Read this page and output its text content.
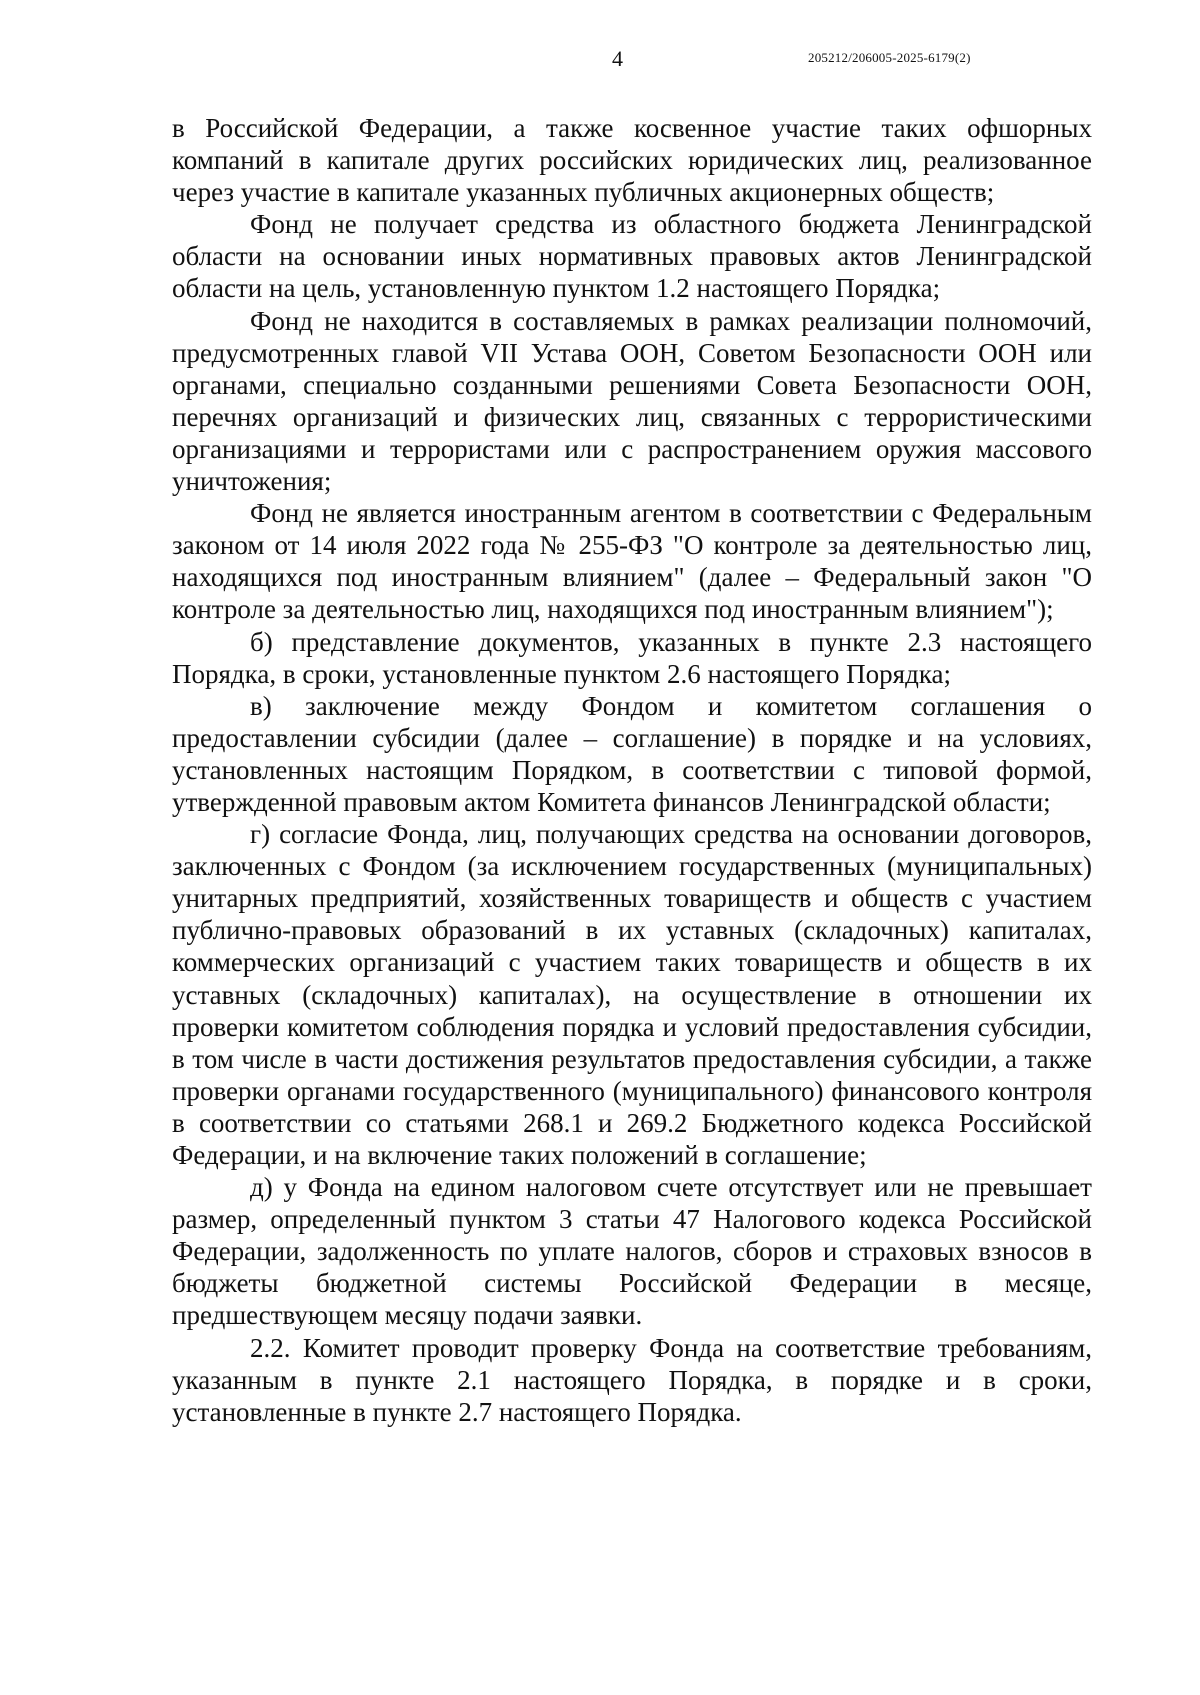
4	205212/206005-2025-6179(2)

в Российской Федерации, а также косвенное участие таких офшорных компаний в капитале других российских юридических лиц, реализованное через участие в капитале указанных публичных акционерных обществ;

Фонд не получает средства из областного бюджета Ленинградской области на основании иных нормативных правовых актов Ленинградской области на цель, установленную пунктом 1.2 настоящего Порядка;

Фонд не находится в составляемых в рамках реализации полномочий, предусмотренных главой VII Устава ООН, Советом Безопасности ООН или органами, специально созданными решениями Совета Безопасности ООН, перечнях организаций и физических лиц, связанных с террористическими организациями и террористами или с распространением оружия массового уничтожения;

Фонд не является иностранным агентом в соответствии с Федеральным законом от 14 июля 2022 года № 255-ФЗ "О контроле за деятельностью лиц, находящихся под иностранным влиянием" (далее – Федеральный закон "О контроле за деятельностью лиц, находящихся под иностранным влиянием");

б) представление документов, указанных в пункте 2.3 настоящего Порядка, в сроки, установленные пунктом 2.6 настоящего Порядка;

в) заключение между Фондом и комитетом соглашения о предоставлении субсидии (далее – соглашение) в порядке и на условиях, установленных настоящим Порядком, в соответствии с типовой формой, утвержденной правовым актом Комитета финансов Ленинградской области;

г) согласие Фонда, лиц, получающих средства на основании договоров, заключенных с Фондом (за исключением государственных (муниципальных) унитарных предприятий, хозяйственных товариществ и обществ с участием публично-правовых образований в их уставных (складочных) капиталах, коммерческих организаций с участием таких товариществ и обществ в их уставных (складочных) капиталах), на осуществление в отношении их проверки комитетом соблюдения порядка и условий предоставления субсидии, в том числе в части достижения результатов предоставления субсидии, а также проверки органами государственного (муниципального) финансового контроля в соответствии со статьями 268.1 и 269.2 Бюджетного кодекса Российской Федерации, и на включение таких положений в соглашение;

д) у Фонда на едином налоговом счете отсутствует или не превышает размер, определенный пунктом 3 статьи 47 Налогового кодекса Российской Федерации, задолженность по уплате налогов, сборов и страховых взносов в бюджеты бюджетной системы Российской Федерации в месяце, предшествующем месяцу подачи заявки.

2.2. Комитет проводит проверку Фонда на соответствие требованиям, указанным в пункте 2.1 настоящего Порядка, в порядке и в сроки, установленные в пункте 2.7 настоящего Порядка.
